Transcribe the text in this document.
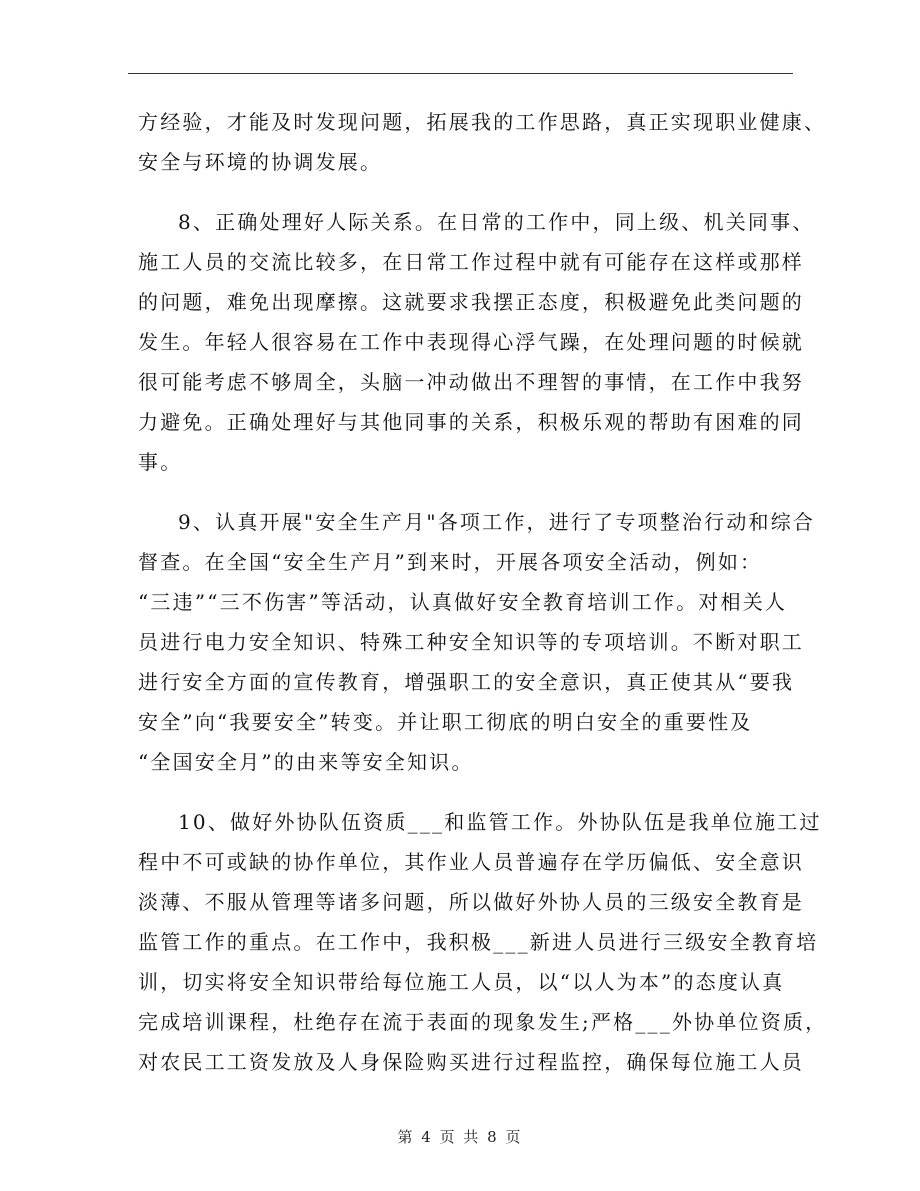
方经验，才能及时发现问题，拓展我的工作思路，真正实现职业健康、
安全与环境的协调发展。
8、正确处理好人际关系。在日常的工作中，同上级、机关同事、
施工人员的交流比较多，在日常工作过程中就有可能存在这样或那样
的问题，难免出现摩擦。这就要求我摆正态度，积极避免此类问题的
发生。年轻人很容易在工作中表现得心浮气躁，在处理问题的时候就
很可能考虑不够周全，头脑一冲动做出不理智的事情，在工作中我努
力避免。正确处理好与其他同事的关系，积极乐观的帮助有困难的同
事。
9、认真开展"安全生产月"各项工作，进行了专项整治行动和综合
督查。在全国“安全生产月”到来时，开展各项安全活动，例如：
“三违”“三不伤害”等活动，认真做好安全教育培训工作。对相关人
员进行电力安全知识、特殊工种安全知识等的专项培训。不断对职工
进行安全方面的宣传教育，增强职工的安全意识，真正使其从“要我
安全”向“我要安全”转变。并让职工彻底的明白安全的重要性及
“全国安全月”的由来等安全知识。
10、做好外协队伍资质___和监管工作。外协队伍是我单位施工过
程中不可或缺的协作单位，其作业人员普遍存在学历偏低、安全意识
淡薄、不服从管理等诸多问题，所以做好外协人员的三级安全教育是
监管工作的重点。在工作中，我积极___新进人员进行三级安全教育培
训，切实将安全知识带给每位施工人员，以“以人为本”的态度认真
完成培训课程，杜绝存在流于表面的现象发生;严格___外协单位资质，
对农民工工资发放及人身保险购买进行过程监控，确保每位施工人员
第 4 页 共 8 页
